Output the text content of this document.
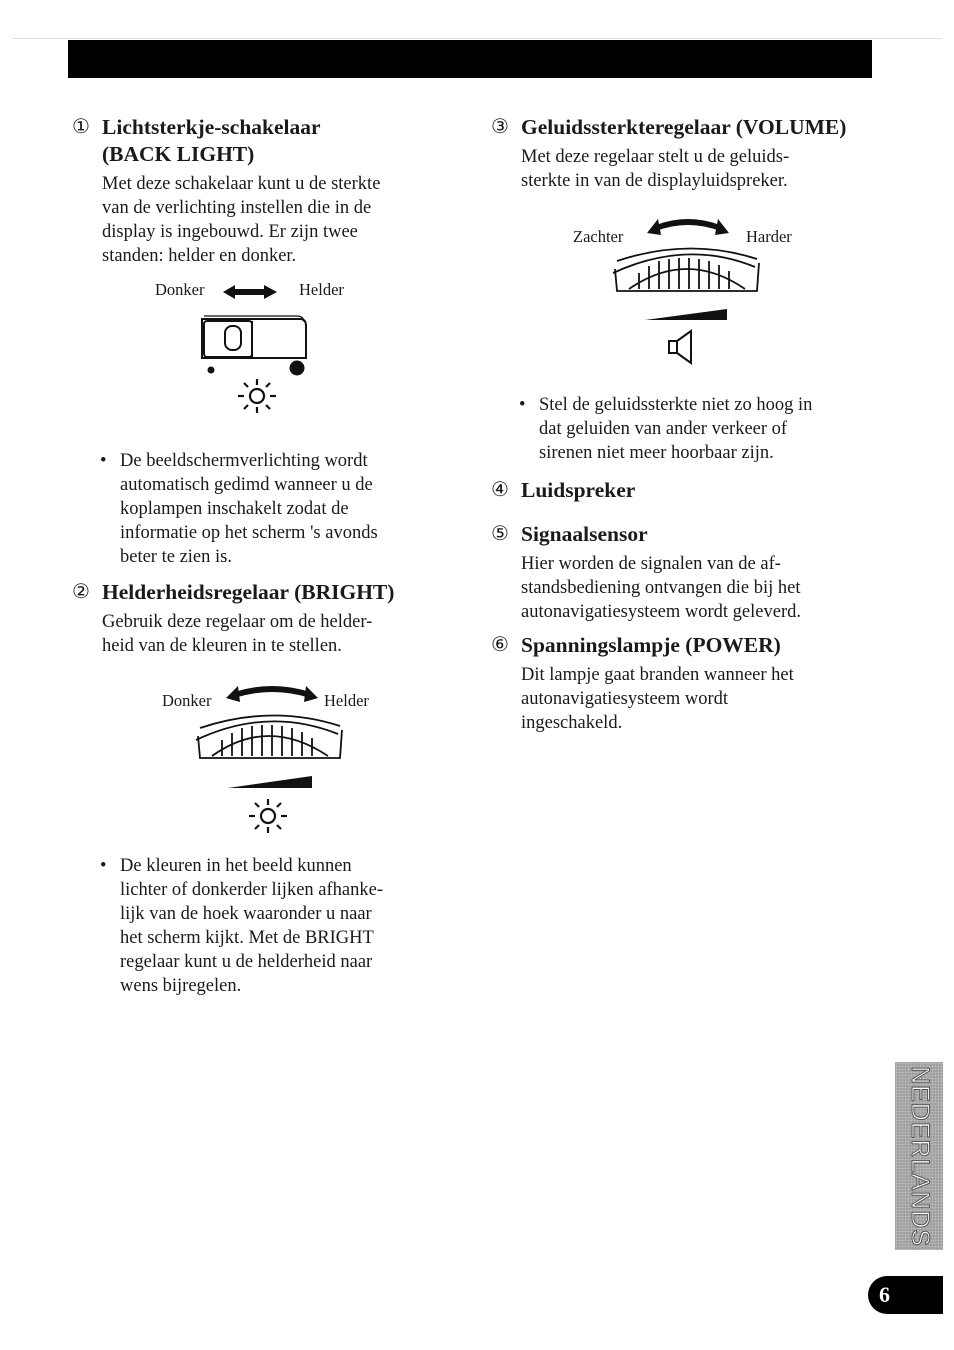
① Lichtsterkje-schakelaar
(BACK LIGHT)

Met deze schakelaar kunt u de sterkte
van de verlichting instellen die in de
display is ingebouwd. Er zijn twee
standen: helder en donker.

Donker	Helder
• De beeldschermverlichting wordt
automatisch gedimd wanneer u de
koplampen inschakelt zodat de
informatie op het scherm 's avonds
beter te zien is.
② Helderheidsregelaar (BRIGHT)

Gebruik deze regelaar om de helder-
heid van de kleuren in te stellen.

Donker	Helder
• De kleuren in het beeld kunnen
lichter of donkerder lijken afhanke-
lijk van de hoek waaronder u naar
het scherm kijkt. Met de BRIGHT
regelaar kunt u de helderheid naar
wens bijregelen.
③ Geluidssterkteregelaar (VOLUME)

Met deze regelaar stelt u de geluids-
sterkte in van de displayluidspreker.

Zachter	Harder
• Stel de geluidssterkte niet zo hoog in
dat geluiden van ander verkeer of
sirenen niet meer hoorbaar zijn.
④ Luidspreker
⑤ Signaalsensor

Hier worden de signalen van de af-
standsbediening ontvangen die bij het
autonavigatiesysteem wordt geleverd.

⑥ Spanningslampje (POWER)

Dit lampje gaat branden wanneer het
autonavigatiesysteem wordt
ingeschakeld.

NEDERLANDS
6
